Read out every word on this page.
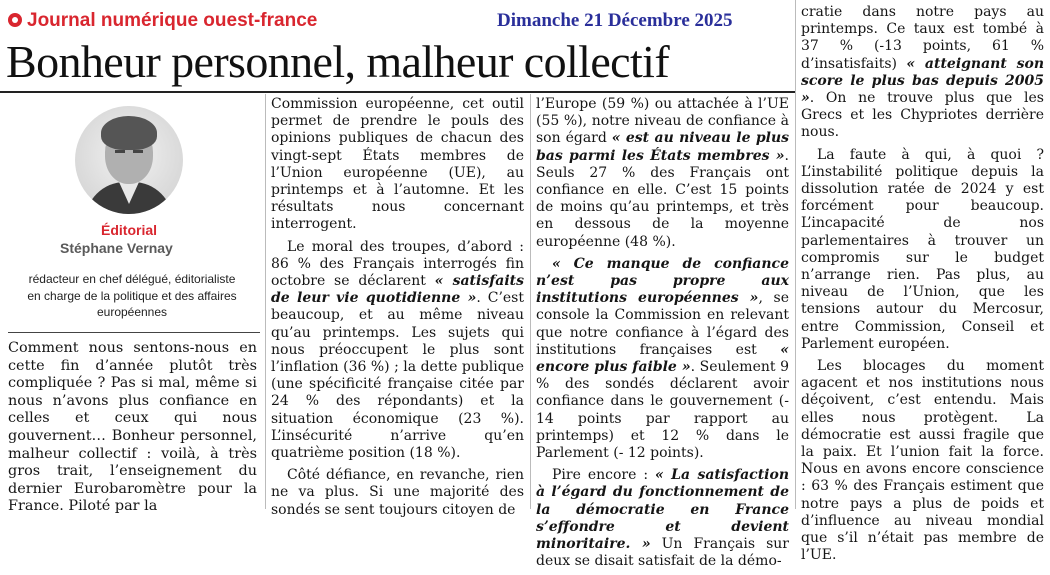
Journal numérique ouest-france	Dimanche 21 Décembre 2025
Bonheur personnel, malheur collectif
Éditorial
Stéphane Vernay
rédacteur en chef délégué, éditorialiste en charge de la politique et des affaires européennes

Comment nous sentons-nous en cette fin d’année plutôt très compliquée ? Pas si mal, même si nous n’avons plus confiance en celles et ceux qui nous gouvernent… Bonheur personnel, malheur collectif : voilà, à très gros trait, l’enseignement du dernier Eurobaromètre pour la France. Piloté par la

Commission européenne, cet outil permet de prendre le pouls des opinions publiques de chacun des vingt-sept États membres de l’Union européenne (UE), au printemps et à l’automne. Et les résultats nous concernant interrogent.

Le moral des troupes, d’abord : 86 % des Français interrogés fin octobre se déclarent « satisfaits de leur vie quotidienne ». C’est beaucoup, et au même niveau qu’au printemps. Les sujets qui nous préoccupent le plus sont l’inflation (36 %) ; la dette publique (une spécificité française citée par 24 % des répondants) et la situation économique (23 %). L’insécurité n’arrive qu’en quatrième position (18 %).

Côté défiance, en revanche, rien ne va plus. Si une majorité des sondés se sent toujours citoyen de

l’Europe (59 %) ou attachée à l’UE (55 %), notre niveau de confiance à son égard « est au niveau le plus bas parmi les États membres ». Seuls 27 % des Français ont confiance en elle. C’est 15 points de moins qu’au printemps, et très en dessous de la moyenne européenne (48 %).

« Ce manque de confiance n’est pas propre aux institutions européennes », se console la Commission en relevant que notre confiance à l’égard des institutions françaises est « encore plus faible ». Seulement 9 % des sondés déclarent avoir confiance dans le gouvernement (- 14 points par rapport au printemps) et 12 % dans le Parlement (- 12 points).

Pire encore : « La satisfaction à l’égard du fonctionnement de la démocratie en France s’effondre et devient minoritaire. » Un Français sur deux se disait satisfait de la démo-

cratie dans notre pays au printemps. Ce taux est tombé à 37 % (-13 points, 61 % d’insatisfaits) « atteignant son score le plus bas depuis 2005 ». On ne trouve plus que les Grecs et les Chypriotes derrière nous.

La faute à qui, à quoi ? L’instabilité politique depuis la dissolution ratée de 2024 y est forcément pour beaucoup. L’incapacité de nos parlementaires à trouver un compromis sur le budget n’arrange rien. Pas plus, au niveau de l’Union, que les tensions autour du Mercosur, entre Commission, Conseil et Parlement européen.

Les blocages du moment agacent et nos institutions nous déçoivent, c’est entendu. Mais elles nous protègent. La démocratie est aussi fragile que la paix. Et l’union fait la force. Nous en avons encore conscience : 63 % des Français estiment que notre pays a plus de poids et d’influence au niveau mondial que s’il n’était pas membre de l’UE.
